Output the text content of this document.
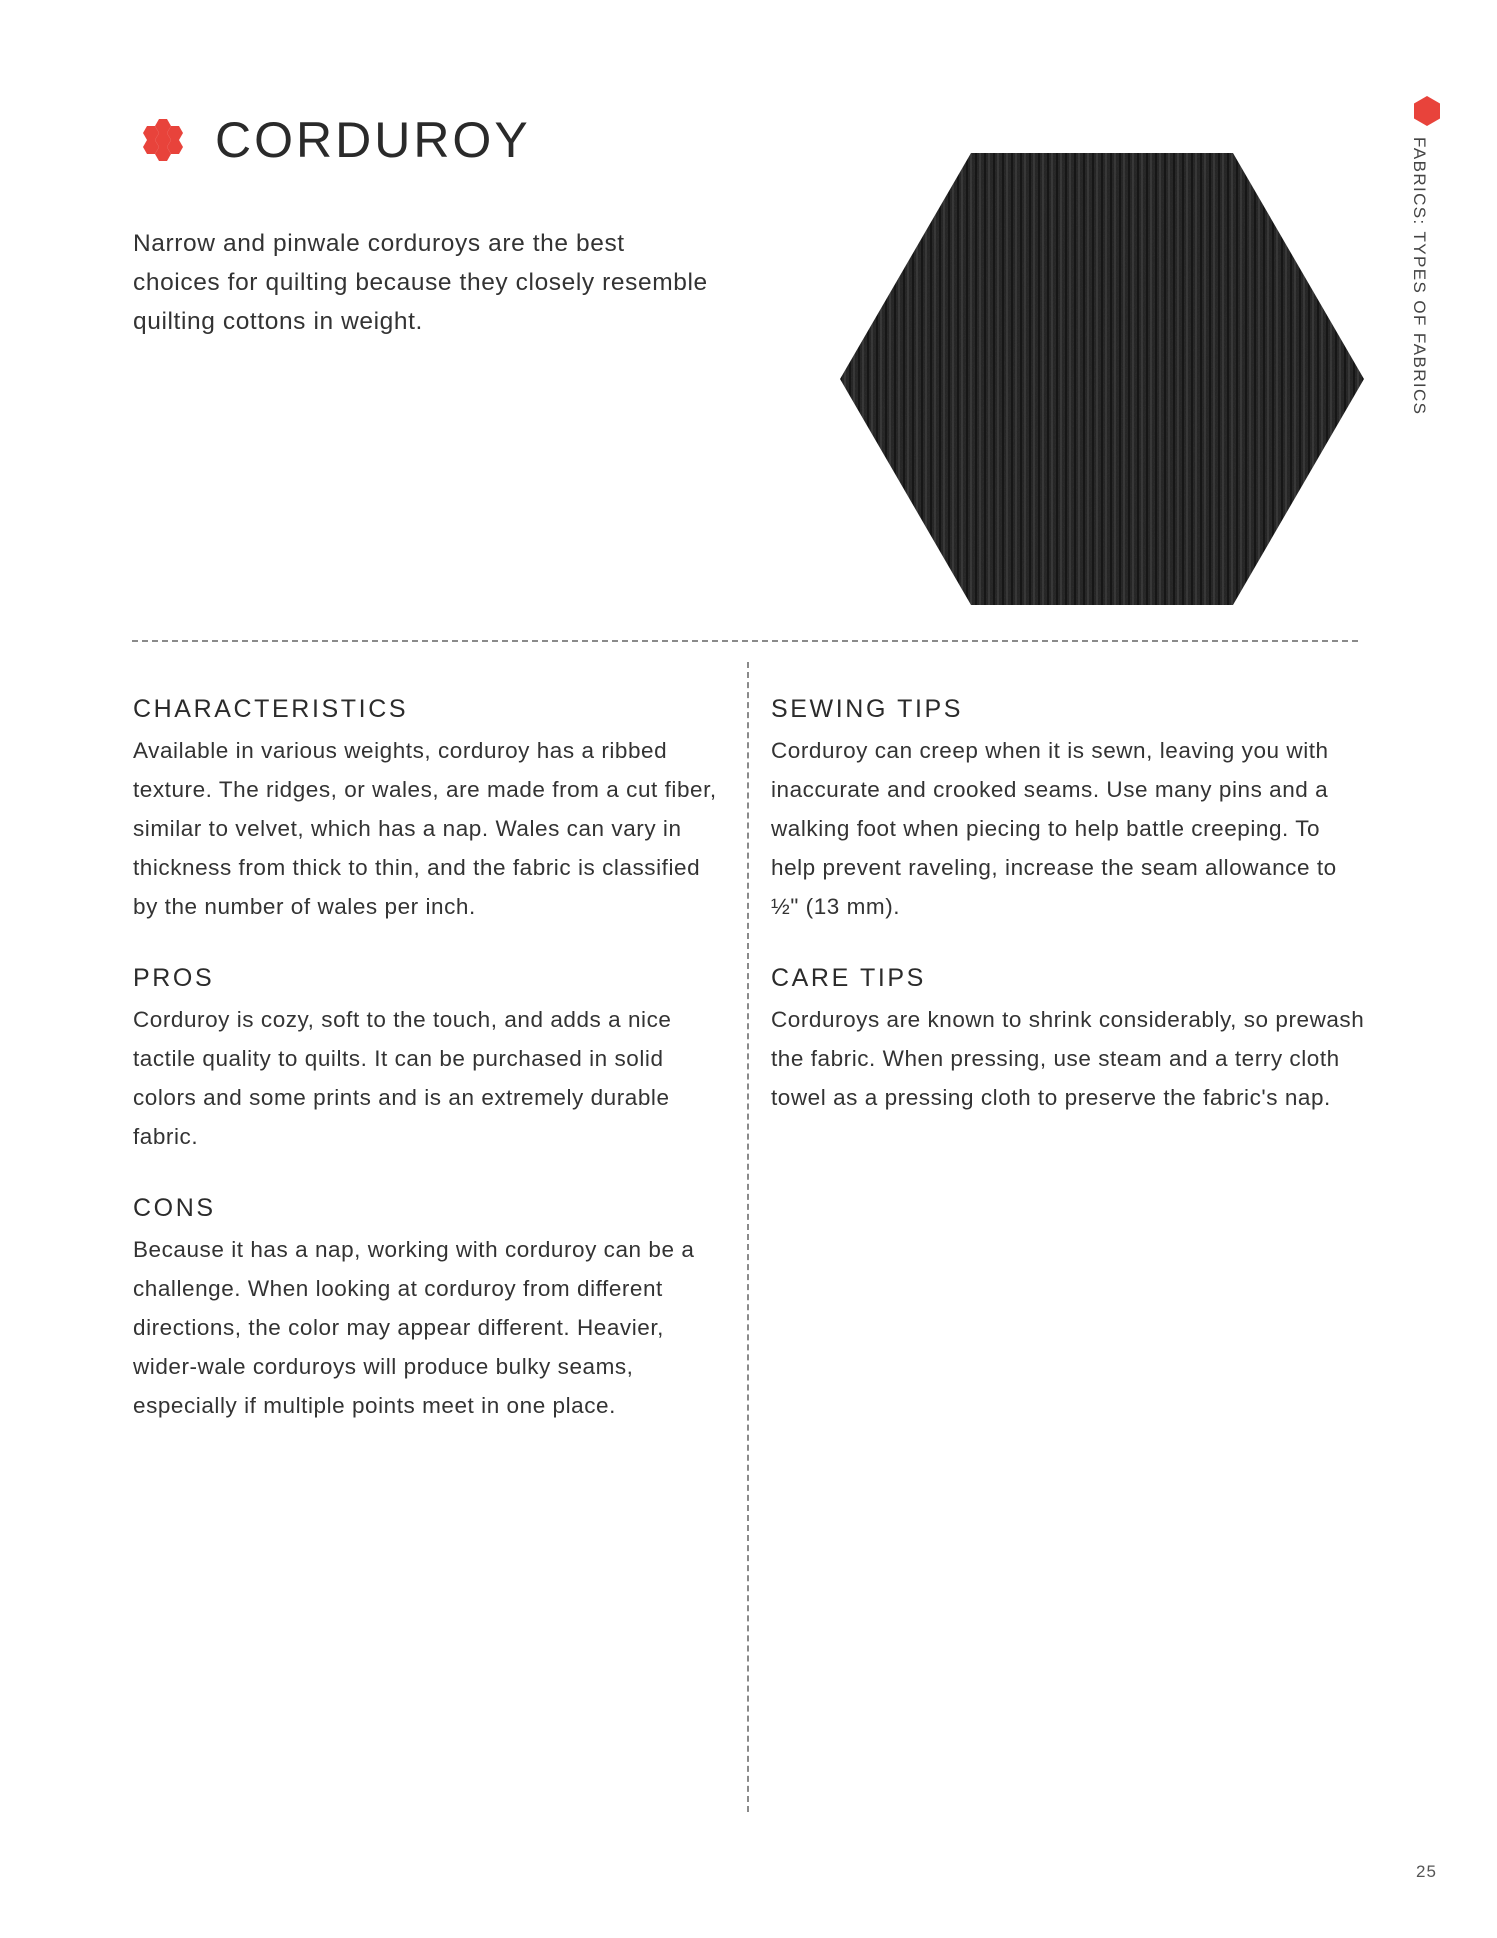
CORDUROY

Narrow and pinwale corduroys are the best choices for quilting because they closely resemble quilting cottons in weight.	FABRICS: TYPES OF FABRICS
CHARACTERISTICS

Available in various weights, corduroy has a ribbed texture. The ridges, or wales, are made from a cut fiber, similar to velvet, which has a nap. Wales can vary in thickness from thick to thin, and the fabric is classified by the number of wales per inch.

PROS

Corduroy is cozy, soft to the touch, and adds a nice tactile quality to quilts. It can be purchased in solid colors and some prints and is an extremely durable fabric.

CONS

Because it has a nap, working with corduroy can be a challenge. When looking at corduroy from different directions, the color may appear different. Heavier, wider-wale corduroys will produce bulky seams, especially if multiple points meet in one place.

SEWING TIPS

Corduroy can creep when it is sewn, leaving you with inaccurate and crooked seams. Use many pins and a walking foot when piecing to help battle creeping. To help prevent raveling, increase the seam allowance to ½" (13 mm).

CARE TIPS

Corduroys are known to shrink considerably, so prewash the fabric. When pressing, use steam and a terry cloth towel as a pressing cloth to preserve the fabric's nap.

25
